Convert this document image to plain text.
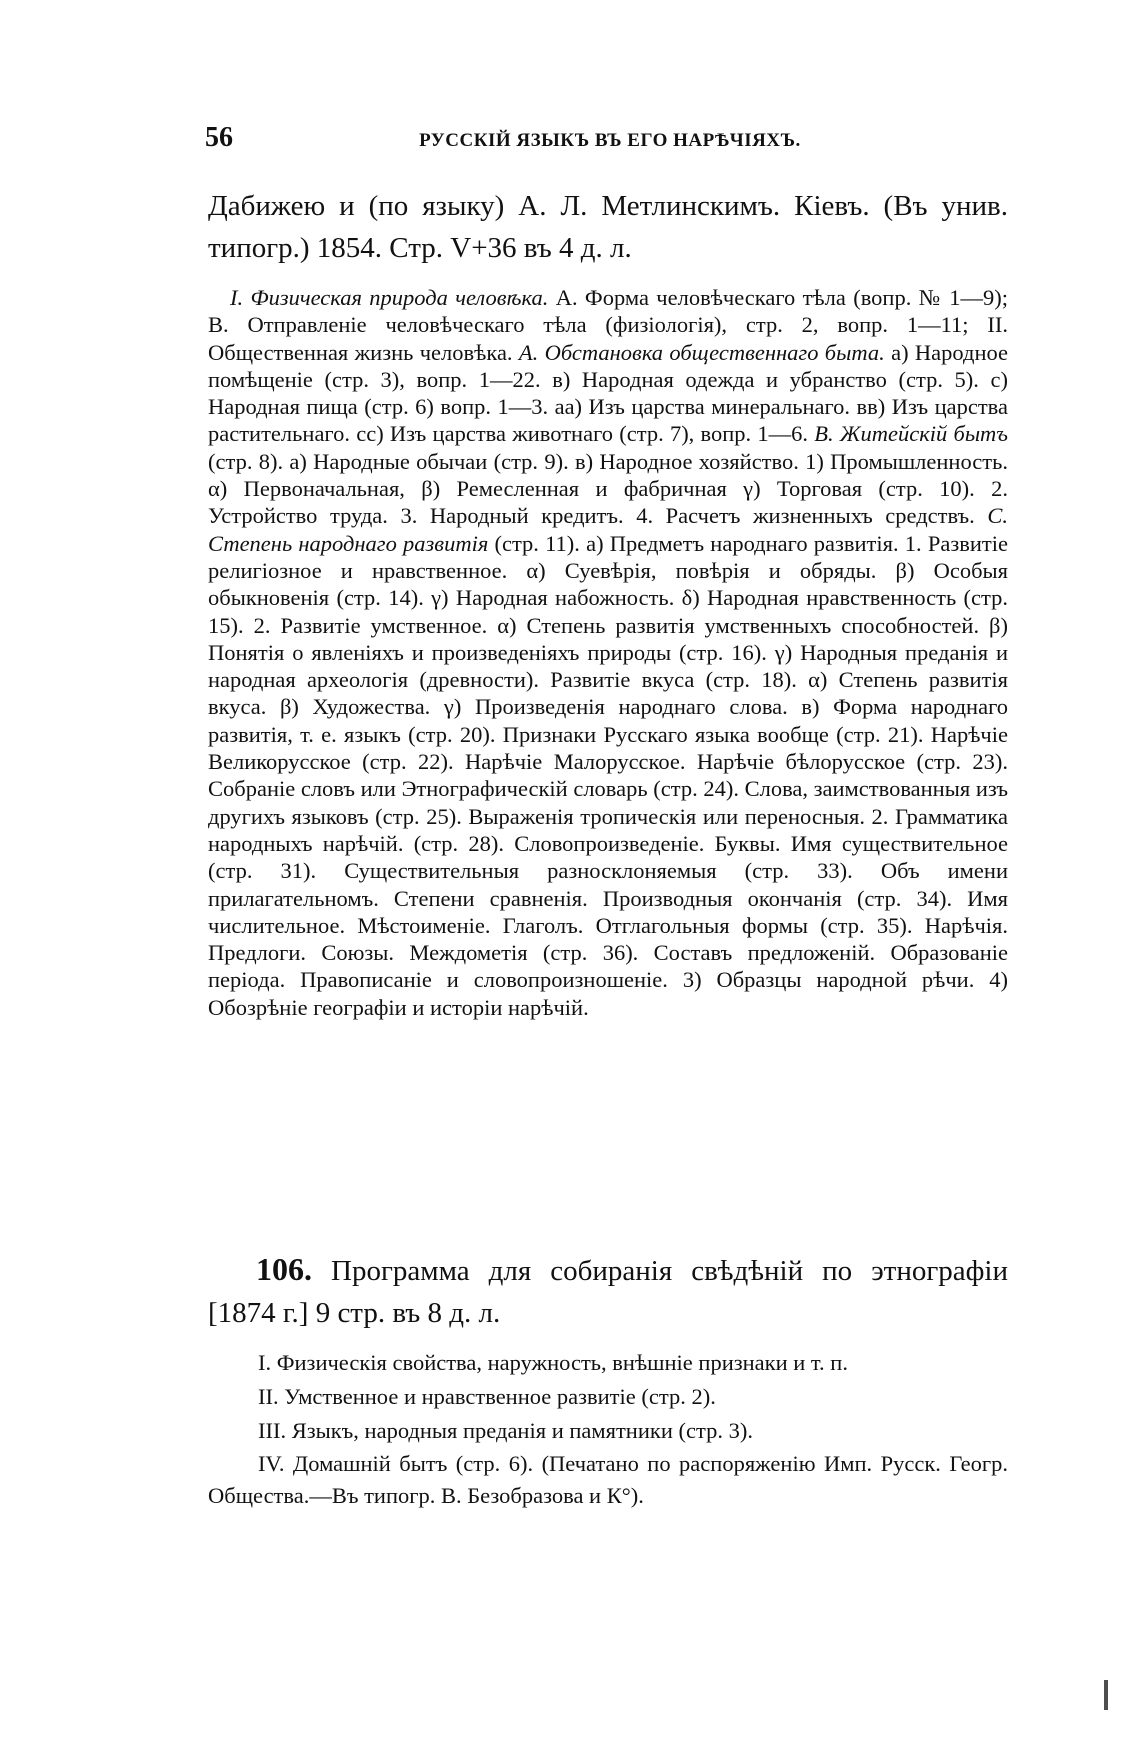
56	РУССКІЙ ЯЗЫКЪ ВЪ ЕГО НАРѢЧІЯХЪ.

Дабижею и (по языку) А. Л. Метлинскимъ. Кіевъ. (Въ унив. типогр.) 1854. Стр. V+36 въ 4 д. л.

I. Физическая природа человѣка. А. Форма человѣческаго тѣла (вопр. № 1—9); В. Отправленіе человѣческаго тѣла (физіологія), стр. 2, вопр. 1—11; II. Общественная жизнь человѣка. А. Обстановка общественнаго быта. a) Народное помѣщеніе (стр. 3), вопр. 1—22. в) Народная одежда и убранство (стр. 5). с) Народная пища (стр. 6) вопр. 1—3. aa) Изъ царства минеральнаго. вв) Изъ царства растительнаго. сс) Изъ царства животнаго (стр. 7), вопр. 1—6. В. Житейскій бытъ (стр. 8). a) Народные обычаи (стр. 9). в) Народное хозяйство. 1) Промышленность. α) Первоначальная, β) Ремесленная и фабричная γ) Торговая (стр. 10). 2. Устройство труда. 3. Народный кредитъ. 4. Расчетъ жизненныхъ средствъ. С. Степень народнаго развитія (стр. 11). a) Предметъ народнаго развитія. 1. Развитіе религіозное и нравственное. α) Суевѣрія, повѣрія и обряды. β) Особыя обыкновенія (стр. 14). γ) Народная набожность. δ) Народная нравственность (стр. 15). 2. Развитіе умственное. α) Степень развитія умственныхъ способностей. β) Понятія о явленіяхъ и произведеніяхъ природы (стр. 16). γ) Народныя преданія и народная археологія (древности). Развитіе вкуса (стр. 18). α) Степень развитія вкуса. β) Художества. γ) Произведенія народнаго слова. в) Форма народнаго развитія, т. е. языкъ (стр. 20). Признаки Русскаго языка вообще (стр. 21). Нарѣчіе Великорусское (стр. 22). Нарѣчіе Малорусское. Нарѣчіе бѣлорусское (стр. 23). Собраніе словъ или Этнографическій словарь (стр. 24). Слова, заимствованныя изъ другихъ языковъ (стр. 25). Выраженія тропическія или переносныя. 2. Грамматика народныхъ нарѣчій. (стр. 28). Словопроизведеніе. Буквы. Имя существительное (стр. 31). Существительныя разносклоняемыя (стр. 33). Объ имени прилагательномъ. Степени сравненія. Производныя окончанія (стр. 34). Имя числительное. Мѣстоименіе. Глаголъ. Отглагольныя формы (стр. 35). Нарѣчія. Предлоги. Союзы. Междометія (стр. 36). Составъ предложеній. Образованіе періода. Правописаніе и словопроизношеніе. 3) Образцы народной рѣчи. 4) Обозрѣніе географіи и исторіи нарѣчій.

106. Программа для собиранія свѣдѣній по этнографіи [1874 г.] 9 стр. въ 8 д. л.

I. Физическія свойства, наружность, внѣшніе признаки и т. п.
II. Умственное и нравственное развитіе (стр. 2).
III. Языкъ, народныя преданія и памятники (стр. 3).
IV. Домашній бытъ (стр. 6). (Печатано по распоряженію Имп. Русск. Геогр. Общества.—Въ типогр. В. Безобразова и К°).
